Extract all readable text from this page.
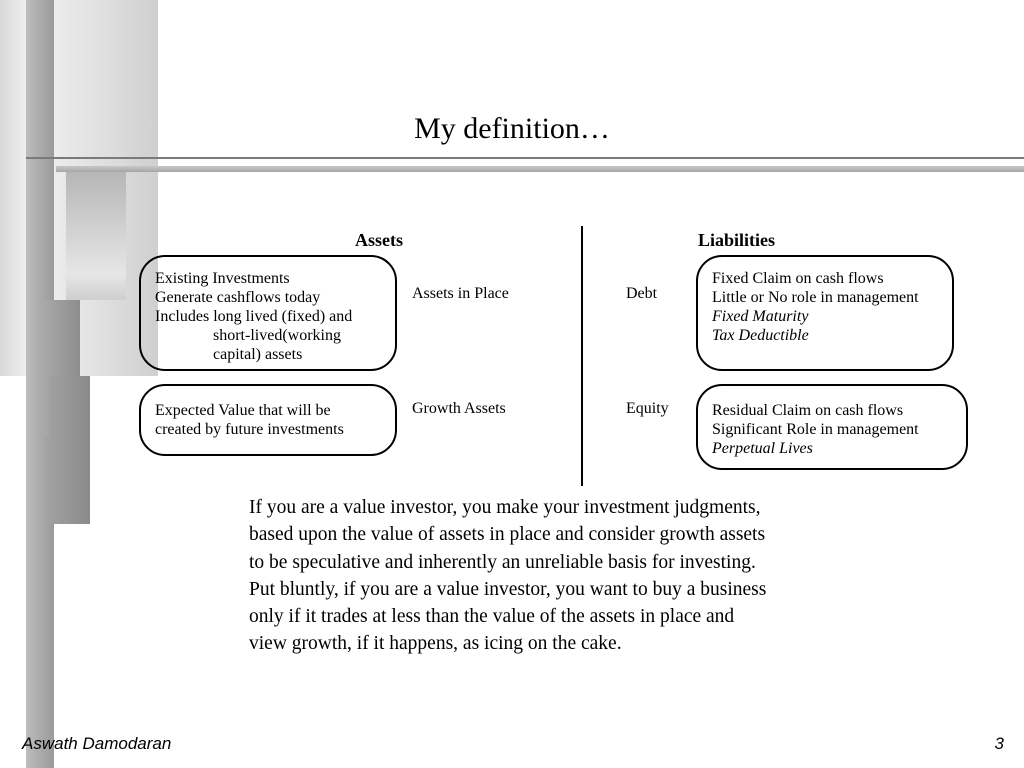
My definition…
Assets	Liabilities
Existing Investments
Generate cashflows today
Includes long lived (fixed) and
short-lived(working
capital) assets
Expected Value that will be
created by future investments
Fixed Claim on cash flows
Little or No role in management
Fixed Maturity
Tax Deductible
Residual Claim on cash flows
Significant Role in management
Perpetual Lives
Assets in Place
Growth Assets
Debt
Equity
If you are a value investor, you make your investment judgments,
based upon the value of assets in place and consider growth assets
to be speculative and inherently an unreliable basis for investing.
Put bluntly, if you are a value investor, you want to buy a business
only if it trades at less than the value of the assets in place and
view growth, if it happens, as icing on the cake.
Aswath Damodaran	3
